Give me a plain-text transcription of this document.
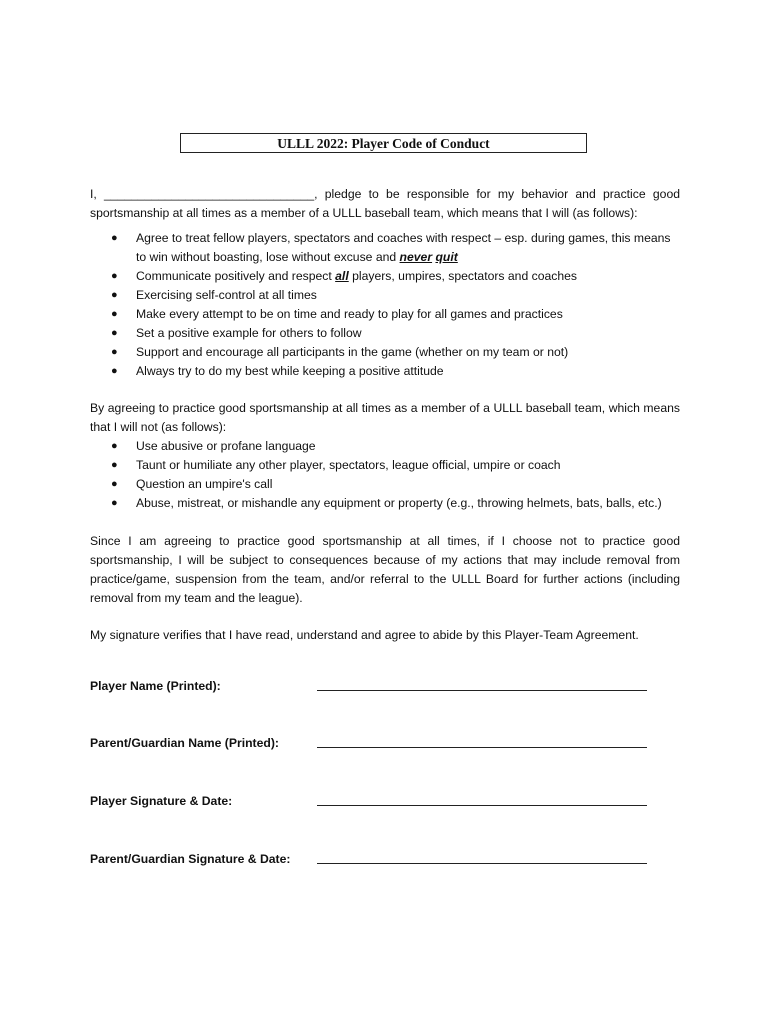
ULLL 2022: Player Code of Conduct

I, _______________________________, pledge to be responsible for my behavior and practice good sportsmanship at all times as a member of a ULLL baseball team, which means that I will (as follows):

● Agree to treat fellow players, spectators and coaches with respect – esp. during games, this means to win without boasting, lose without excuse and never quit
● Communicate positively and respect all players, umpires, spectators and coaches
● Exercising self-control at all times
● Make every attempt to be on time and ready to play for all games and practices
● Set a positive example for others to follow
● Support and encourage all participants in the game (whether on my team or not)
● Always try to do my best while keeping a positive attitude

By agreeing to practice good sportsmanship at all times as a member of a ULLL baseball team, which means that I will not (as follows):

● Use abusive or profane language
● Taunt or humiliate any other player, spectators, league official, umpire or coach
● Question an umpire's call
● Abuse, mistreat, or mishandle any equipment or property (e.g., throwing helmets, bats, balls, etc.)

Since I am agreeing to practice good sportsmanship at all times, if I choose not to practice good sportsmanship, I will be subject to consequences because of my actions that may include removal from practice/game, suspension from the team, and/or referral to the ULLL Board for further actions (including removal from my team and the league).

My signature verifies that I have read, understand and agree to abide by this Player-Team Agreement.

Player Name (Printed):
Parent/Guardian Name (Printed):
Player Signature & Date:
Parent/Guardian Signature & Date:
